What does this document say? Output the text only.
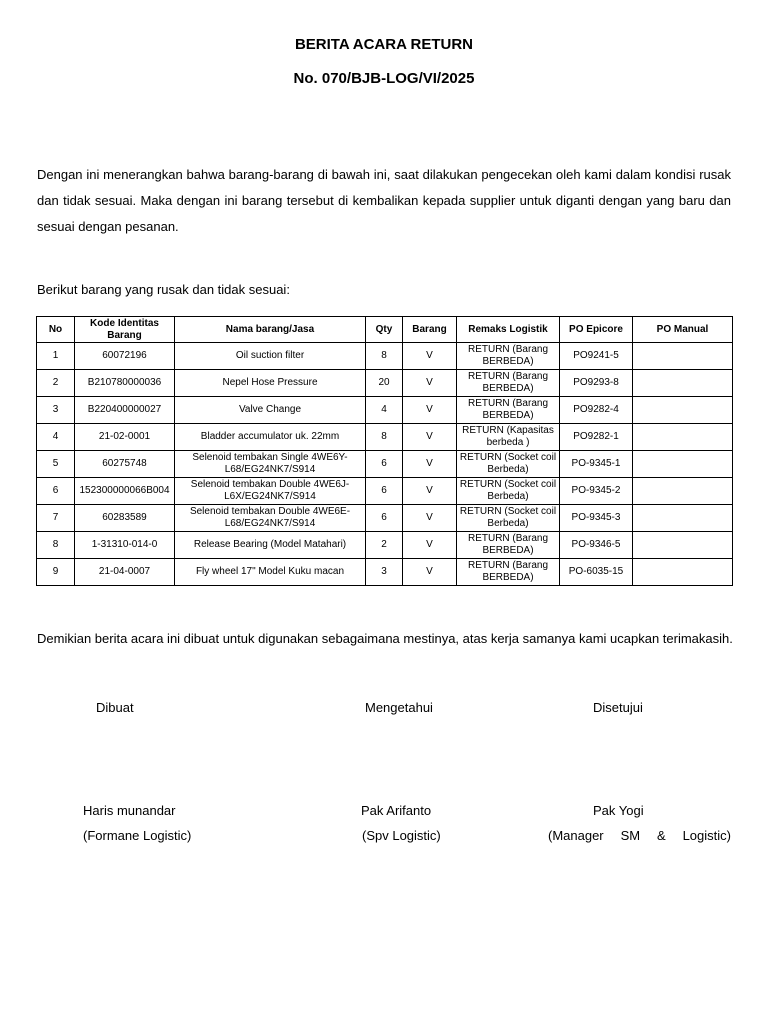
BERITA ACARA RETURN
No. 070/BJB-LOG/VI/2025
Dengan ini menerangkan bahwa barang-barang di bawah ini, saat dilakukan pengecekan oleh kami dalam kondisi rusak dan tidak sesuai. Maka dengan ini barang tersebut di kembalikan kepada supplier untuk diganti dengan yang baru dan sesuai dengan pesanan.
Berikut barang yang rusak dan tidak sesuai:
No	Kode Identitas Barang	Nama barang/Jasa	Qty	Barang	Remaks Logistik	PO Epicore	PO Manual
1	60072196	Oil suction filter	8	V	RETURN (Barang BERBEDA)	PO9241-5	
2	B210780000036	Nepel Hose Pressure	20	V	RETURN (Barang BERBEDA)	PO9293-8	
3	B220400000027	Valve Change	4	V	RETURN (Barang BERBEDA)	PO9282-4	
4	21-02-0001	Bladder accumulator uk. 22mm	8	V	RETURN (Kapasitas berbeda )	PO9282-1	
5	60275748	Selenoid tembakan Single 4WE6Y-L68/EG24NK7/S914	6	V	RETURN (Socket coil Berbeda)	PO-9345-1	
6	152300000066B004	Selenoid tembakan Double 4WE6J-L6X/EG24NK7/S914	6	V	RETURN (Socket coil Berbeda)	PO-9345-2	
7	60283589	Selenoid tembakan Double 4WE6E-L68/EG24NK7/S914	6	V	RETURN (Socket coil Berbeda)	PO-9345-3	
8	1-31310-014-0	Release Bearing (Model Matahari)	2	V	RETURN (Barang BERBEDA)	PO-9346-5	
9	21-04-0007	Fly wheel 17" Model Kuku macan	3	V	RETURN (Barang BERBEDA)	PO-6035-15	
Demikian berita acara ini dibuat untuk digunakan sebagaimana mestinya, atas kerja samanya kami ucapkan terimakasih.
Dibuat	Mengetahui	Disetujui
Haris munandar	Pak Arifanto	Pak Yogi
(Formane Logistic)	(Spv Logistic)	(Manager SM & Logistic)
